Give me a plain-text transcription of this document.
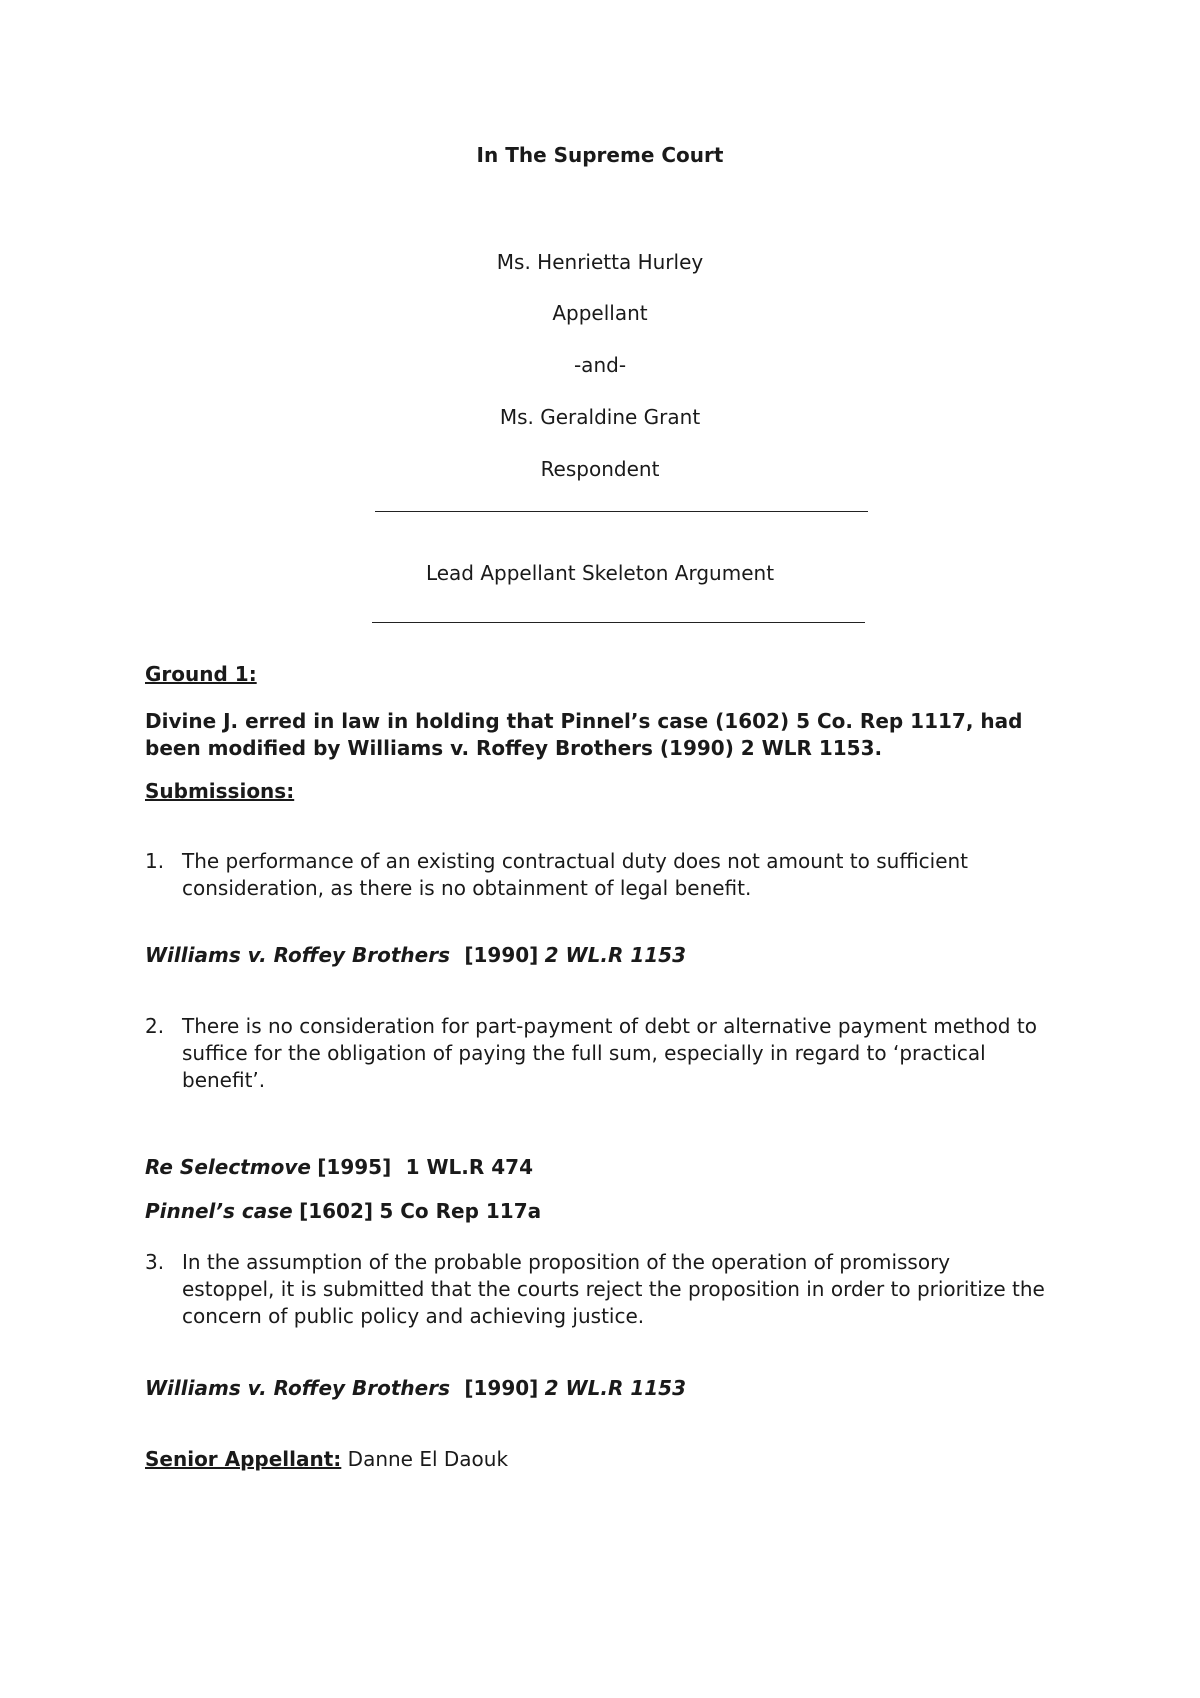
In The Supreme Court
Ms. Henrietta Hurley
Appellant
-and-
Ms. Geraldine Grant
Respondent
Lead Appellant Skeleton Argument
Ground 1:
Divine J. erred in law in holding that Pinnel’s case (1602) 5 Co. Rep 1117, had
been modified by Williams v. Roffey Brothers (1990) 2 WLR 1153.
Submissions:
1. The performance of an existing contractual duty does not amount to sufficient
consideration, as there is no obtainment of legal benefit.
Williams v. Roffey Brothers [1990] 2 WL.R 1153
2. There is no consideration for part-payment of debt or alternative payment method to
suffice for the obligation of paying the full sum, especially in regard to ‘practical
benefit’.
Re Selectmove [1995] 1 WL.R 474
Pinnel’s case [1602] 5 Co Rep 117a
3. In the assumption of the probable proposition of the operation of promissory
estoppel, it is submitted that the courts reject the proposition in order to prioritize the
concern of public policy and achieving justice.
Williams v. Roffey Brothers [1990] 2 WL.R 1153
Senior Appellant: Danne El Daouk
